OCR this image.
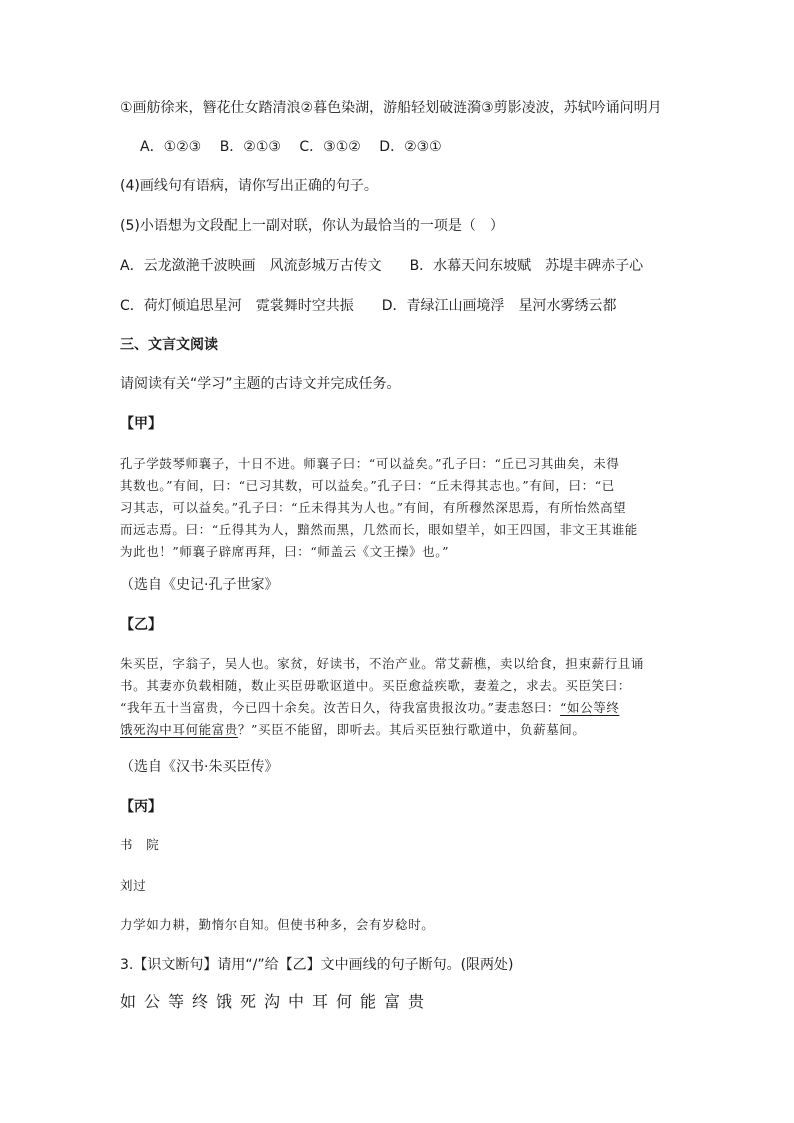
①画舫徐来，簪花仕女踏清浪②暮色染湖，游船轻划破涟漪③剪影凌波，苏轼吟诵问明月
A．①②③ B．②①③ C．③①② D．②③①
(4)画线句有语病，请你写出正确的句子。
(5)小语想为文段配上一副对联，你认为最恰当的一项是（　）
A．云龙潋滟千波映画　风流彭城万古传文　　B．水幕天问东坡赋　苏堤丰碑赤子心
C．荷灯倾追思星河　霓裳舞时空共振　　D．青绿江山画境浮　星河水雾绣云都
三、文言文阅读
请阅读有关“学习”主题的古诗文并完成任务。
【甲】
孔子学鼓琴师襄子，十日不进。师襄子曰：“可以益矣。”孔子曰：“丘已习其曲矣，未得
其数也。”有间，曰：“已习其数，可以益矣。”孔子曰：“丘未得其志也。”有间，曰：“已
习其志，可以益矣。”孔子曰：“丘未得其为人也。”有间，有所穆然深思焉，有所怡然高望
而远志焉。曰：“丘得其为人，黯然而黑，几然而长，眼如望羊，如王四国，非文王其谁能
为此也！”师襄子辟席再拜，曰：“师盖云《文王操》也。”
（选自《史记·孔子世家》
【乙】
朱买臣，字翁子，吴人也。家贫，好读书，不治产业。常艾薪樵，卖以给食，担束薪行且诵
书。其妻亦负载相随，数止买臣毋歌讴道中。买臣愈益疾歌，妻羞之，求去。买臣笑曰：
“我年五十当富贵，今已四十余矣。汝苦日久，待我富贵报汝功。”妻恚怒曰：“如公等终
饿死沟中耳何能富贵？”买臣不能留，即听去。其后买臣独行歌道中，负薪墓间。
（选自《汉书·朱买臣传》
【丙】
书　院
刘过
力学如力耕，勤惰尔自知。但使书种多，会有岁稔时。
3.【识文断句】请用“/”给【乙】文中画线的句子断句。(限两处)
如公等终饿死沟中耳何能富贵
